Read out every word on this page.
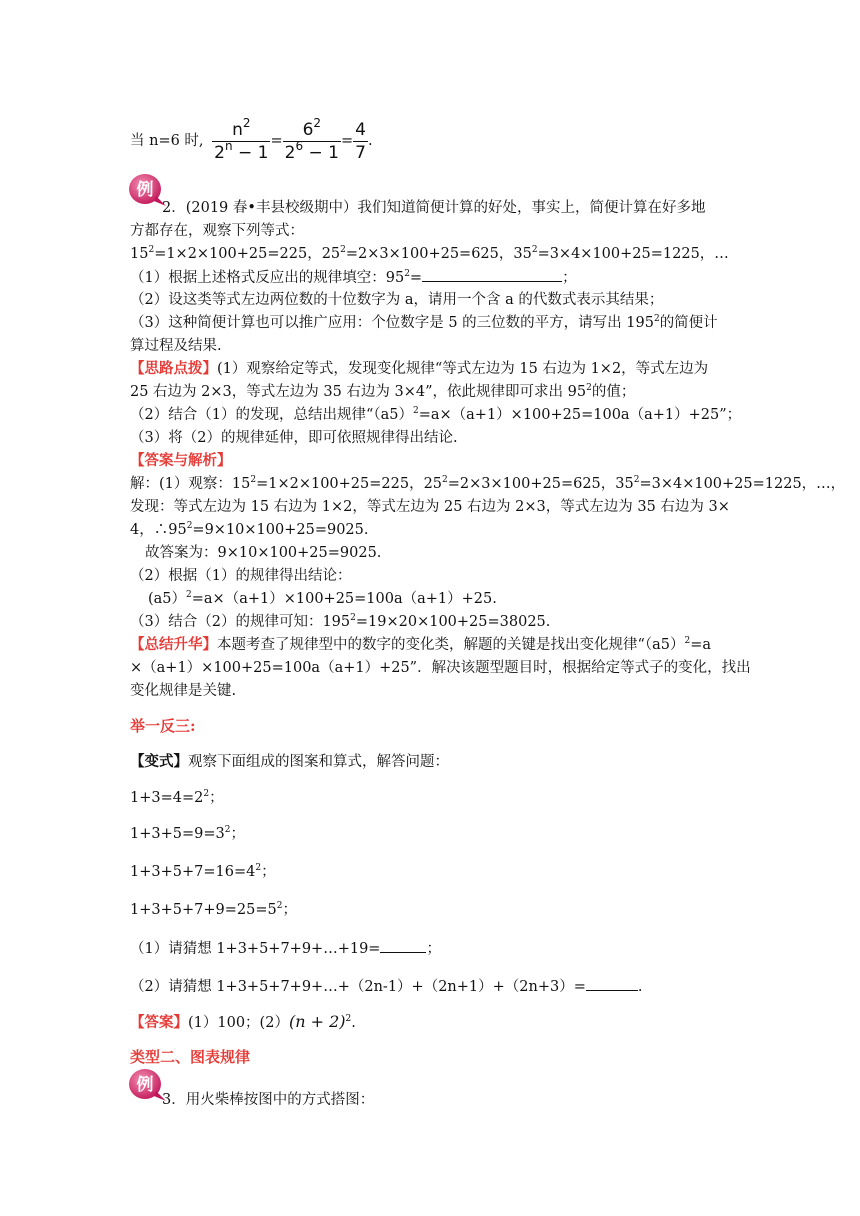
当 n=6 时, $\frac{n^2}{2^n - 1} = \frac{6^2}{2^6 - 1} = \frac{4}{7}$ .
例
2．(2019 春•丰县校级期中）我们知道简便计算的好处，事实上，简便计算在好多地
方都存在，观察下列等式：
$15^2=1\times 2\times 100+25=225$，$25^2=2\times 3\times 100+25=625$，$35^2=3\times 4\times 100+25=1225$，…
（1）根据上述格式反应出的规律填空：$95^2=$	；
（2）设这类等式左边两位数的十位数字为 a，请用一个含 a 的代数式表示其结果；
（3）这种简便计算也可以推广应用：个位数字是 5 的三位数的平方，请写出 $195^2$的简便计
算过程及结果.
【思路点拨】(1）观察给定等式，发现变化规律“等式左边为 15 右边为 1×2，等式左边为
25 右边为 2×3，等式左边为 35 右边为 3×4”，依此规律即可求出 $95^2$的值；
（2）结合（1）的发现，总结出规律“$(a5)^2=a\times(a+1)\times 100+25=100a(a+1)+25$”；
（3）将（2）的规律延伸，即可依照规律得出结论.
【答案与解析】
解：(1）观察：$15^2=1\times 2\times 100+25=225$，$25^2=2\times 3\times 100+25=625$，$35^2=3\times 4\times 100+25=1225$，…，
发现：等式左边为 15 右边为 1×2，等式左边为 25 右边为 2×3，等式左边为 35 右边为 3×
4，$\therefore 95^2=9\times 10\times 100+25=9025$.
故答案为：9×10×100+25=9025.
（2）根据（1）的规律得出结论：
(a5）$^2$=a×（a+1）×100+25=100a（a+1）+25.
（3）结合（2）的规律可知：$195^2=19\times 20\times 100+25=38025$.
【总结升华】本题考查了规律型中的数字的变化类，解题的关键是找出变化规律“$(a5)^2=a$
×（a+1）×100+25=100a（a+1）+25”．解决该题型题目时，根据给定等式子的变化，找出
变化规律是关键.
举一反三:
【变式】观察下面组成的图案和算式，解答问题：
$1+3=4=2^2$；
$1+3+5=9=3^2$；
$1+3+5+7=16=4^2$；
$1+3+5+7+9=25=5^2$；
（1）请猜想 1+3+5+7+9+…+19=	；
（2）请猜想 1+3+5+7+9+…+（2n-1）+（2n+1）+（2n+3）=	.
【答案】(1）100；$(2)(n + 2)^2$.
类型二、图表规律
例
3．用火柴棒按图中的方式搭图：
